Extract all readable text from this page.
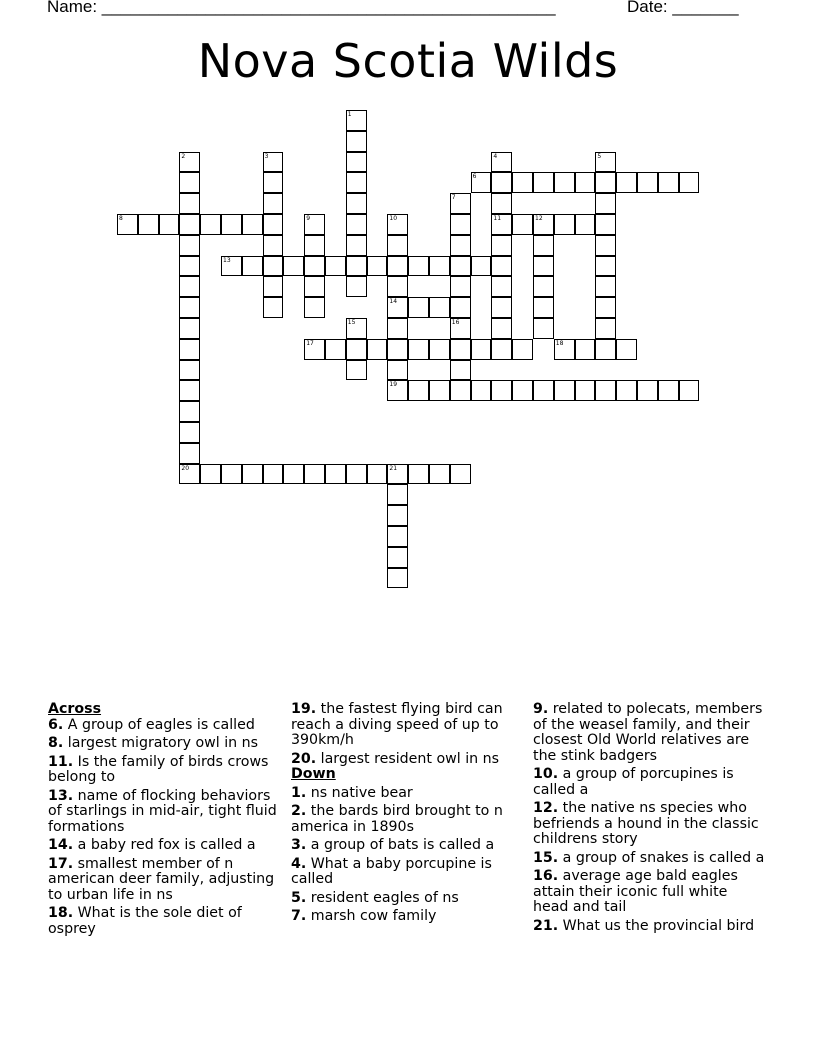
Name: ________________________________________________	Date: _______
Nova Scotia Wilds
1
2
20
3	4
11
5
6
7
16
8	9	10
14
12
13
15
17	18
19
21
Across
6. A group of eagles is called
8. largest migratory owl in ns
11. Is the family of birds crows belong to
13. name of flocking behaviors of starlings in mid-air, tight fluid formations
14. a baby red fox is called a
17. smallest member of n american deer family, adjusting to urban life in ns
18. What is the sole diet of osprey
19. the fastest flying bird can reach a diving speed of up to 390km/h
20. largest resident owl in ns
Down
1. ns native bear
2. the bards bird brought to n america in 1890s
3. a group of bats is called a
4. What a baby porcupine is called
5. resident eagles of ns
7. marsh cow family
9. related to polecats, members of the weasel family, and their closest Old World relatives are the stink badgers
10. a group of porcupines is called a
12. the native ns species who befriends a hound in the classic childrens story
15. a group of snakes is called a
16. average age bald eagles attain their iconic full white head and tail
21. What us the provincial bird
